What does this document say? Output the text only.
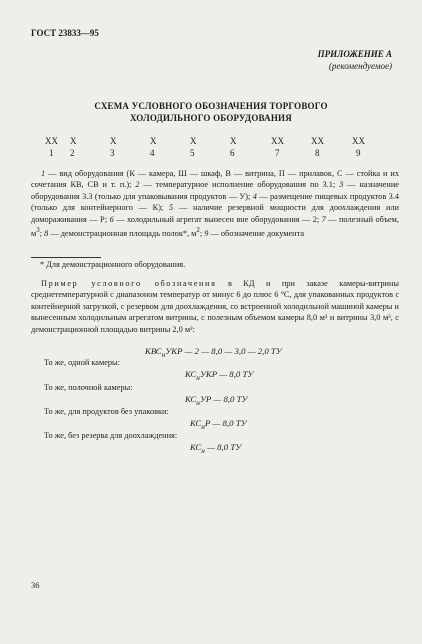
ГОСТ 23833—95
ПРИЛОЖЕНИЕ А
(рекомендуемое)
СХЕМА УСЛОВНОГО ОБОЗНАЧЕНИЯ ТОРГОВОГО
ХОЛОДИЛЬНОГО ОБОРУДОВАНИЯ
XX X	X	X	X	X	XX	XX	XX
1 2	3	4	5	6	7	8	9
1 — вид оборудования (К — камера, Ш — шкаф, В — витрина, П — прилавок, С — стойка и их сочетания КВ, СВ и т. п.); 2 — температурное исполнение оборудования по 3.1; 3 — назначение оборудования 3.3 (только для упаковывания продуктов — У); 4 — размещение пищевых продуктов 3.4 (только для контейнерного — К); 5 — наличие резервной мощности для доохлаждения или домораживания — Р; 6 — холодильный агрегат вынесен вне оборудования — 2; 7 — полезный объем, $м^3$; 8 — демонстрационная площадь полок*, $м^2$; 9 — обозначение документа
* Для демонстрационного оборудования.
Пример условного обозначения в КД и при заказе камеры-витрины среднетемпературной с диапазоном температур от минус 6 до плюс 6 °С, для упакованных продуктов с контейнерной загрузкой, с резервом для доохлаждения, со встроенной холодильной машиной камеры и вынесенным холодильным агрегатом витрины, с полезным объемом камеры 8,0 м³ и витрины 3,0 м³, с демонстрационной площадью витрины 2,0 м²:
$КВС_нУКР$ — 2 — 8,0 — 3,0 — 2,0 ТУ
То же, одной камеры:
$КС_нУКР$ — 8,0 ТУ
То же, полочной камеры:
$КС_нУР$ — 8,0 ТУ
То же, для продуктов без упаковки:
$КС_нР$ — 8,0 ТУ
То же, без резерва для доохлаждения:
$КС_н$ — 8,0 ТУ
36
